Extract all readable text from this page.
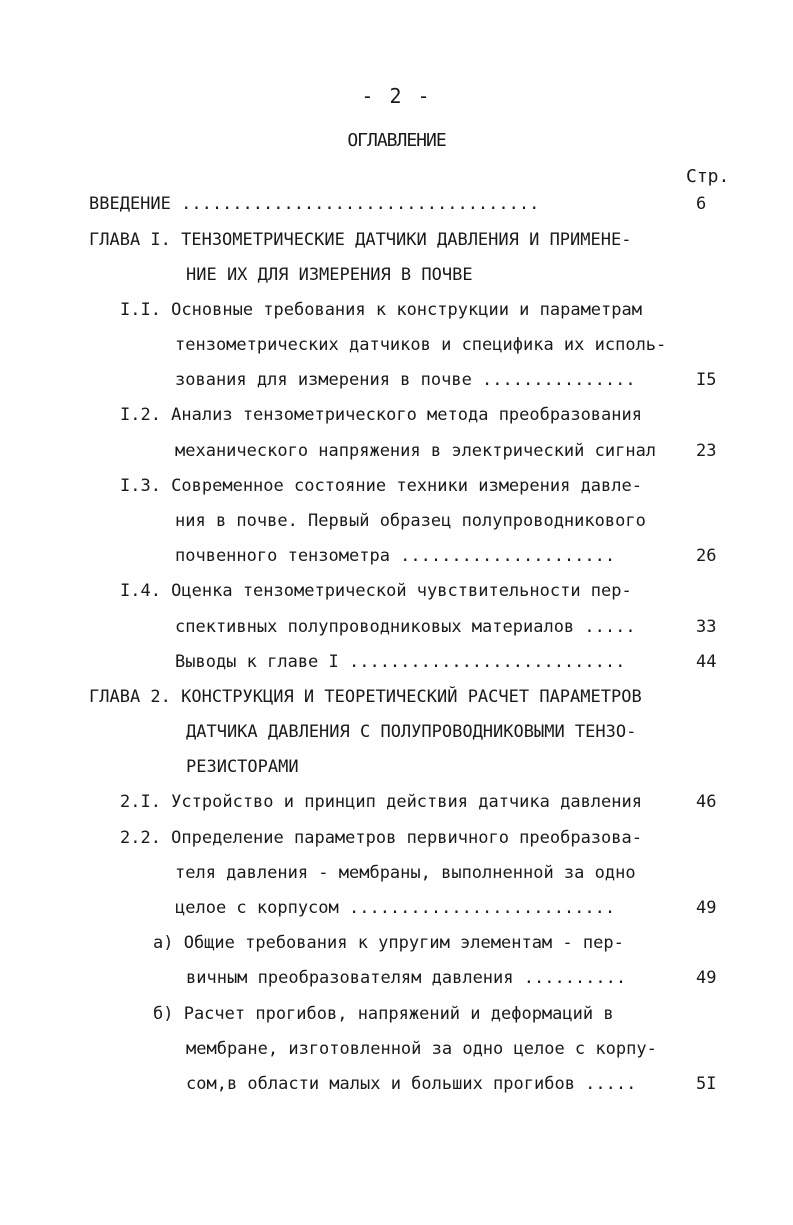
- 2 -
ОГЛАВЛЕНИЕ
Стр.
ВВЕДЕНИЕ ...................................	6
ГЛАВА I. ТЕНЗОМЕТРИЧЕСКИЕ ДАТЧИКИ ДАВЛЕНИЯ И ПРИМЕНЕ-
НИЕ ИХ ДЛЯ ИЗМЕРЕНИЯ В ПОЧВЕ
I.I. Основные требования к конструкции и параметрам
тензометрических датчиков и специфика их исполь-
зования для измерения в почве ...............	I5
I.2. Анализ тензометрического метода преобразования
механического напряжения в электрический сигнал 23
I.3. Современное состояние техники измерения давле-
ния в почве. Первый образец полупроводникового
почвенного тензометра .....................	26
I.4. Оценка тензометрической чувствительности пер-
спективных полупроводниковых материалов .....	33
Выводы к главе I ...........................	44
ГЛАВА 2. КОНСТРУКЦИЯ И ТЕОРЕТИЧЕСКИЙ РАСЧЕТ ПАРАМЕТРОВ
ДАТЧИКА ДАВЛЕНИЯ С ПОЛУПРОВОДНИКОВЫМИ ТЕНЗО-
РЕЗИСТОРАМИ
2.I. Устройство и принцип действия датчика давления	46
2.2. Определение параметров первичного преобразова-
теля давления - мембраны, выполненной за одно
целое с корпусом ..........................	49
а) Общие требования к упругим элементам - пер-
вичным преобразователям давления ..........	49
б) Расчет прогибов, напряжений и деформаций в
мембране, изготовленной за одно целое с корпу-
сом,в области малых и больших прогибов .....	5I
